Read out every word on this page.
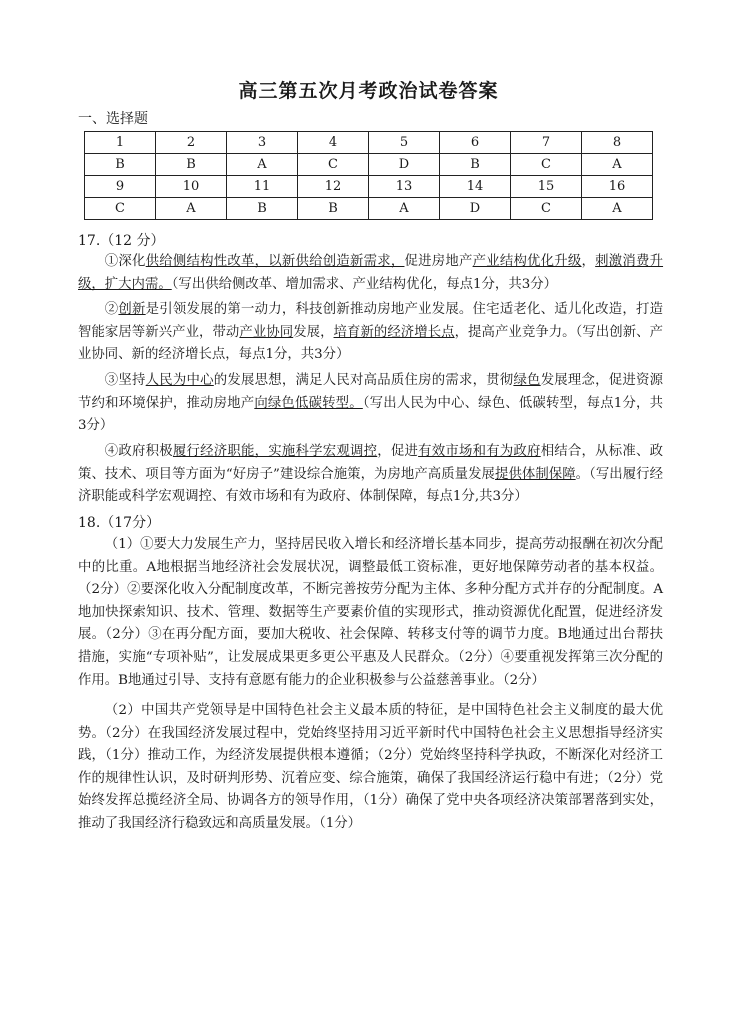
高三第五次月考政治试卷答案
一、选择题
1	2	3	4	5	6	7	8
B	B	A	C	D	B	C	A
9	10	11	12	13	14	15	16
C	A	B	B	A	D	C	A
17.（12 分）

①深化供给侧结构性改革，以新供给创造新需求，促进房地产产业结构优化升级，刺激消费升级，扩大内需。（写出供给侧改革、增加需求、产业结构优化，每点1分，共3分）

②创新是引领发展的第一动力，科技创新推动房地产业发展。住宅适老化、适儿化改造，打造智能家居等新兴产业，带动产业协同发展，培育新的经济增长点，提高产业竞争力。（写出创新、产业协同、新的经济增长点，每点1分，共3分）

③坚持人民为中心的发展思想，满足人民对高品质住房的需求，贯彻绿色发展理念，促进资源节约和环境保护，推动房地产向绿色低碳转型。（写出人民为中心、绿色、低碳转型，每点1分，共3分）

④政府积极履行经济职能，实施科学宏观调控，促进有效市场和有为政府相结合，从标准、政策、技术、项目等方面为“好房子”建设综合施策，为房地产高质量发展提供体制保障。（写出履行经济职能或科学宏观调控、有效市场和有为政府、体制保障，每点1分,共3分）

18.（17分）

（1）①要大力发展生产力，坚持居民收入增长和经济增长基本同步，提高劳动报酬在初次分配中的比重。A地根据当地经济社会发展状况，调整最低工资标准，更好地保障劳动者的基本权益。（2分）②要深化收入分配制度改革，不断完善按劳分配为主体、多种分配方式并存的分配制度。A地加快探索知识、技术、管理、数据等生产要素价值的实现形式，推动资源优化配置，促进经济发展。（2分）③在再分配方面，要加大税收、社会保障、转移支付等的调节力度。B地通过出台帮扶措施，实施“专项补贴”，让发展成果更多更公平惠及人民群众。（2分）④要重视发挥第三次分配的作用。B地通过引导、支持有意愿有能力的企业积极参与公益慈善事业。（2分）

（2）中国共产党领导是中国特色社会主义最本质的特征，是中国特色社会主义制度的最大优势。（2分）在我国经济发展过程中，党始终坚持用习近平新时代中国特色社会主义思想指导经济实践，（1分）推动工作，为经济发展提供根本遵循；（2分）党始终坚持科学执政，不断深化对经济工作的规律性认识，及时研判形势、沉着应变、综合施策，确保了我国经济运行稳中有进；（2分）党始终发挥总揽经济全局、协调各方的领导作用，（1分）确保了党中央各项经济决策部署落到实处，推动了我国经济行稳致远和高质量发展。（1分）
